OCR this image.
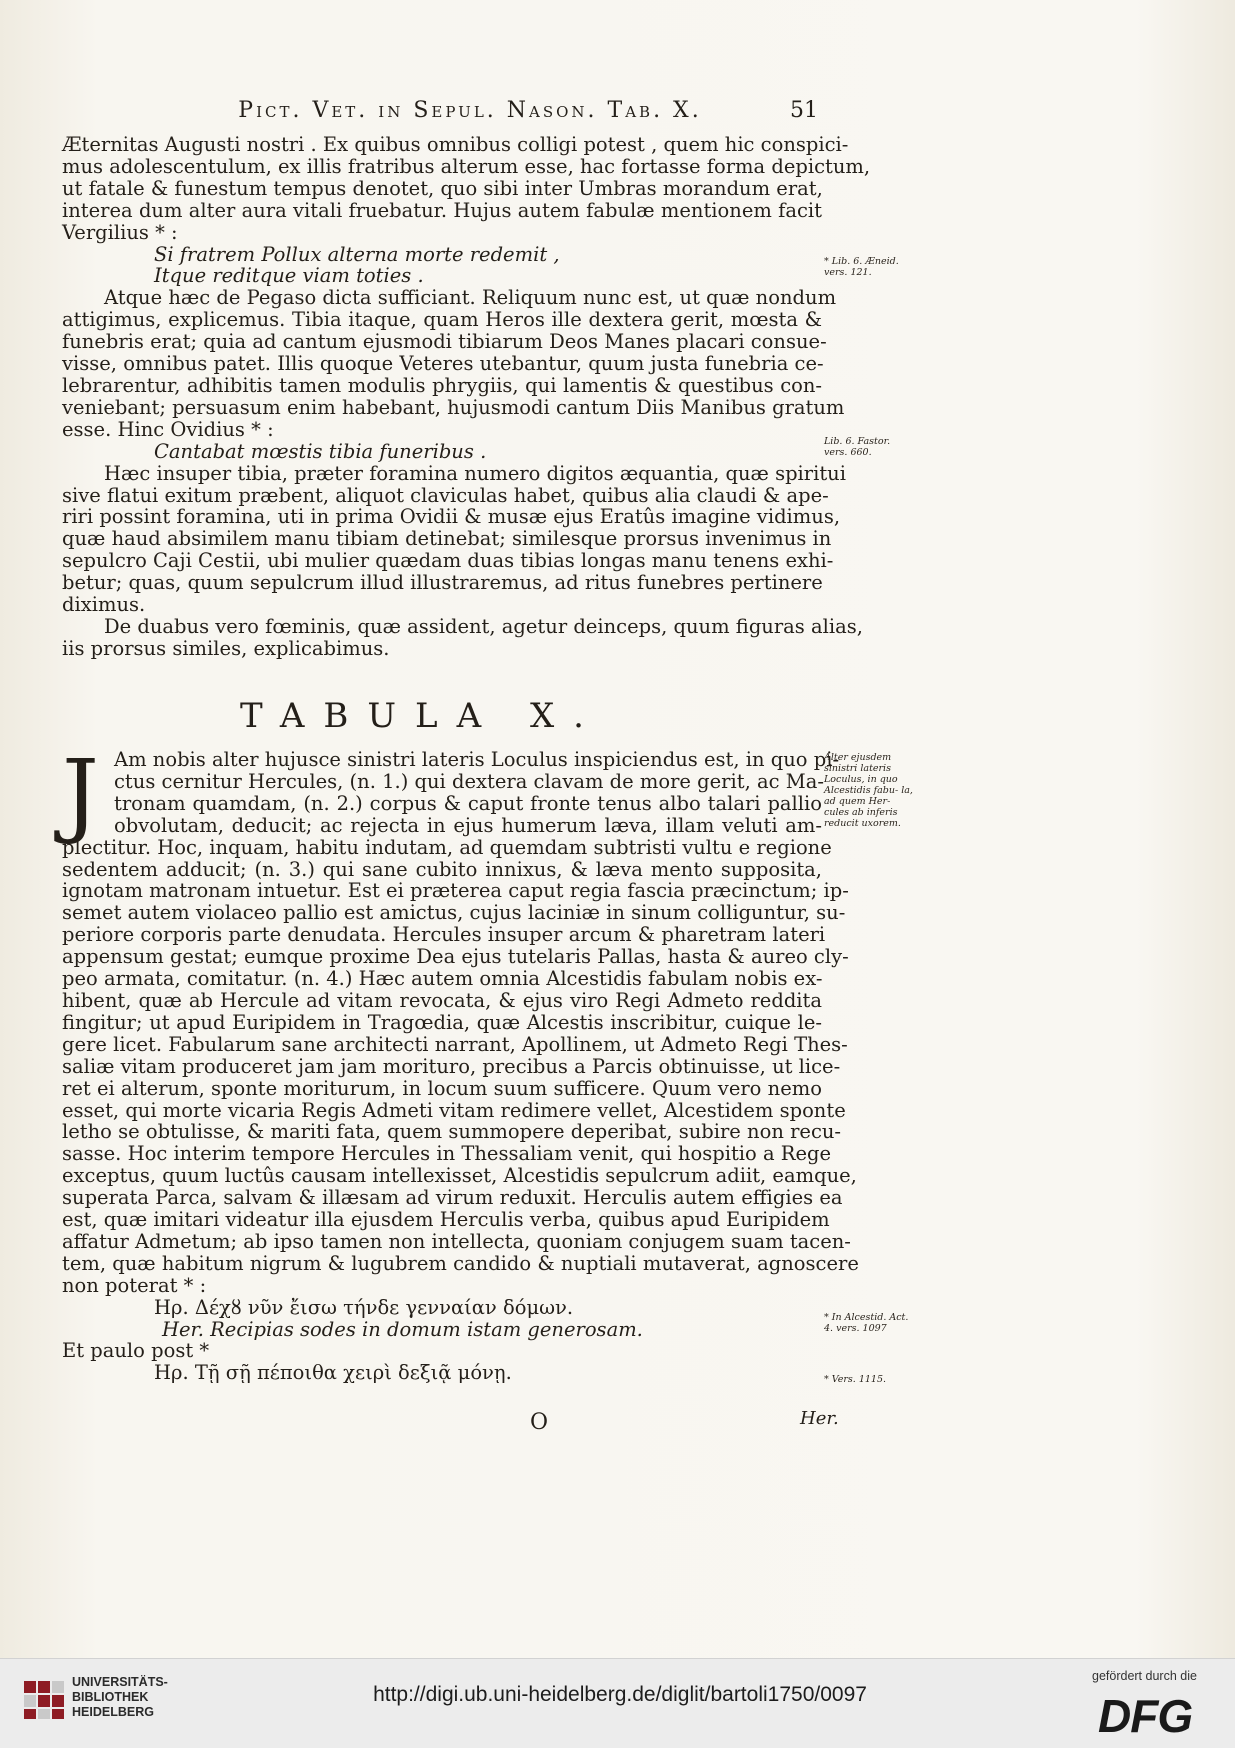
Pict. Vet. in Sepul. Nason. Tab. X.	51
Æternitas Augusti nostri . Ex quibus omnibus colligi potest , quem hic conspici-
mus adolescentulum, ex illis fratribus alterum esse, hac fortasse forma depictum,
ut fatale & funestum tempus denotet, quo sibi inter Umbras morandum erat,
interea dum alter aura vitali fruebatur. Hujus autem fabulæ mentionem facit
Vergilius * :
Si fratrem Pollux alterna morte redemit ,
Itque reditque viam toties .
Atque hæc de Pegaso dicta sufficiant. Reliquum nunc est, ut quæ nondum
attigimus, explicemus. Tibia itaque, quam Heros ille dextera gerit, mœsta &
funebris erat; quia ad cantum ejusmodi tibiarum Deos Manes placari consue-
visse, omnibus patet. Illis quoque Veteres utebantur, quum justa funebria ce-
lebrarentur, adhibitis tamen modulis phrygiis, qui lamentis & questibus con-
veniebant; persuasum enim habebant, hujusmodi cantum Diis Manibus gratum
esse. Hinc Ovidius * :
Cantabat mœstis tibia funeribus .
Hæc insuper tibia, præter foramina numero digitos æquantia, quæ spiritui
sive flatui exitum præbent, aliquot claviculas habet, quibus alia claudi & ape-
riri possint foramina, uti in prima Ovidii & musæ ejus Eratûs imagine vidimus,
quæ haud absimilem manu tibiam detinebat; similesque prorsus invenimus in
sepulcro Caji Cestii, ubi mulier quædam duas tibias longas manu tenens exhi-
betur; quas, quum sepulcrum illud illustraremus, ad ritus funebres pertinere
diximus.
De duabus vero fœminis, quæ assident, agetur deinceps, quum figuras alias,
iis prorsus similes, explicabimus.
TABULA X.
J Am nobis alter hujusce sinistri lateris Loculus inspiciendus est, in quo pi-
ctus cernitur Hercules, (n. 1.) qui dextera clavam de more gerit, ac Ma-
tronam quamdam, (n. 2.) corpus & caput fronte tenus albo talari pallio
obvolutam, deducit; ac rejecta in ejus humerum læva, illam veluti am-
plectitur. Hoc, inquam, habitu indutam, ad quemdam subtristi vultu e regione
sedentem adducit; (n. 3.) qui sane cubito innixus, & læva mento supposita,
ignotam matronam intuetur. Est ei præterea caput regia fascia præcinctum; ip-
semet autem violaceo pallio est amictus, cujus laciniæ in sinum colliguntur, su-
periore corporis parte denudata. Hercules insuper arcum & pharetram lateri
appensum gestat; eumque proxime Dea ejus tutelaris Pallas, hasta & aureo cly-
peo armata, comitatur. (n. 4.) Hæc autem omnia Alcestidis fabulam nobis ex-
hibent, quæ ab Hercule ad vitam revocata, & ejus viro Regi Admeto reddita
fingitur; ut apud Euripidem in Tragœdia, quæ Alcestis inscribitur, cuique le-
gere licet. Fabularum sane architecti narrant, Apollinem, ut Admeto Regi Thes-
saliæ vitam produceret jam jam morituro, precibus a Parcis obtinuisse, ut lice-
ret ei alterum, sponte moriturum, in locum suum sufficere. Quum vero nemo
esset, qui morte vicaria Regis Admeti vitam redimere vellet, Alcestidem sponte
letho se obtulisse, & mariti fata, quem summopere deperibat, subire non recu-
sasse. Hoc interim tempore Hercules in Thessaliam venit, qui hospitio a Rege
exceptus, quum luctûs causam intellexisset, Alcestidis sepulcrum adiit, eamque,
superata Parca, salvam & illæsam ad virum reduxit. Herculis autem effigies ea
est, quæ imitari videatur illa ejusdem Herculis verba, quibus apud Euripidem
affatur Admetum; ab ipso tamen non intellecta, quoniam conjugem suam tacen-
tem, quæ habitum nigrum & lugubrem candido & nuptiali mutaverat, agnoscere
non poterat * :
Ηρ. Δέχȣ νῦν ἔισω τήνδε γενναίαν δόμων.
Her. Recipias sodes in domum istam generosam.
Et paulo post *
Ηρ. Τῇ σῇ πέποιθα χειρὶ δεξιᾷ μόνῃ.
* Lib. 6. Æneid. vers. 121.
Lib. 6. Fastor. vers. 660.
Alter ejusdem sinistri lateris Loculus, in quo Alcestidis fabu- la, ad quem Her- cules ab inferis reducit uxorem.
* In Alcestid. Act. 4. vers. 1097
* Vers. 1115.
O	Her.
UNIVERSITÄTS- BIBLIOTHEK HEIDELBERG
http://digi.ub.uni-heidelberg.de/diglit/bartoli1750/0097
gefördert durch die
DFG
